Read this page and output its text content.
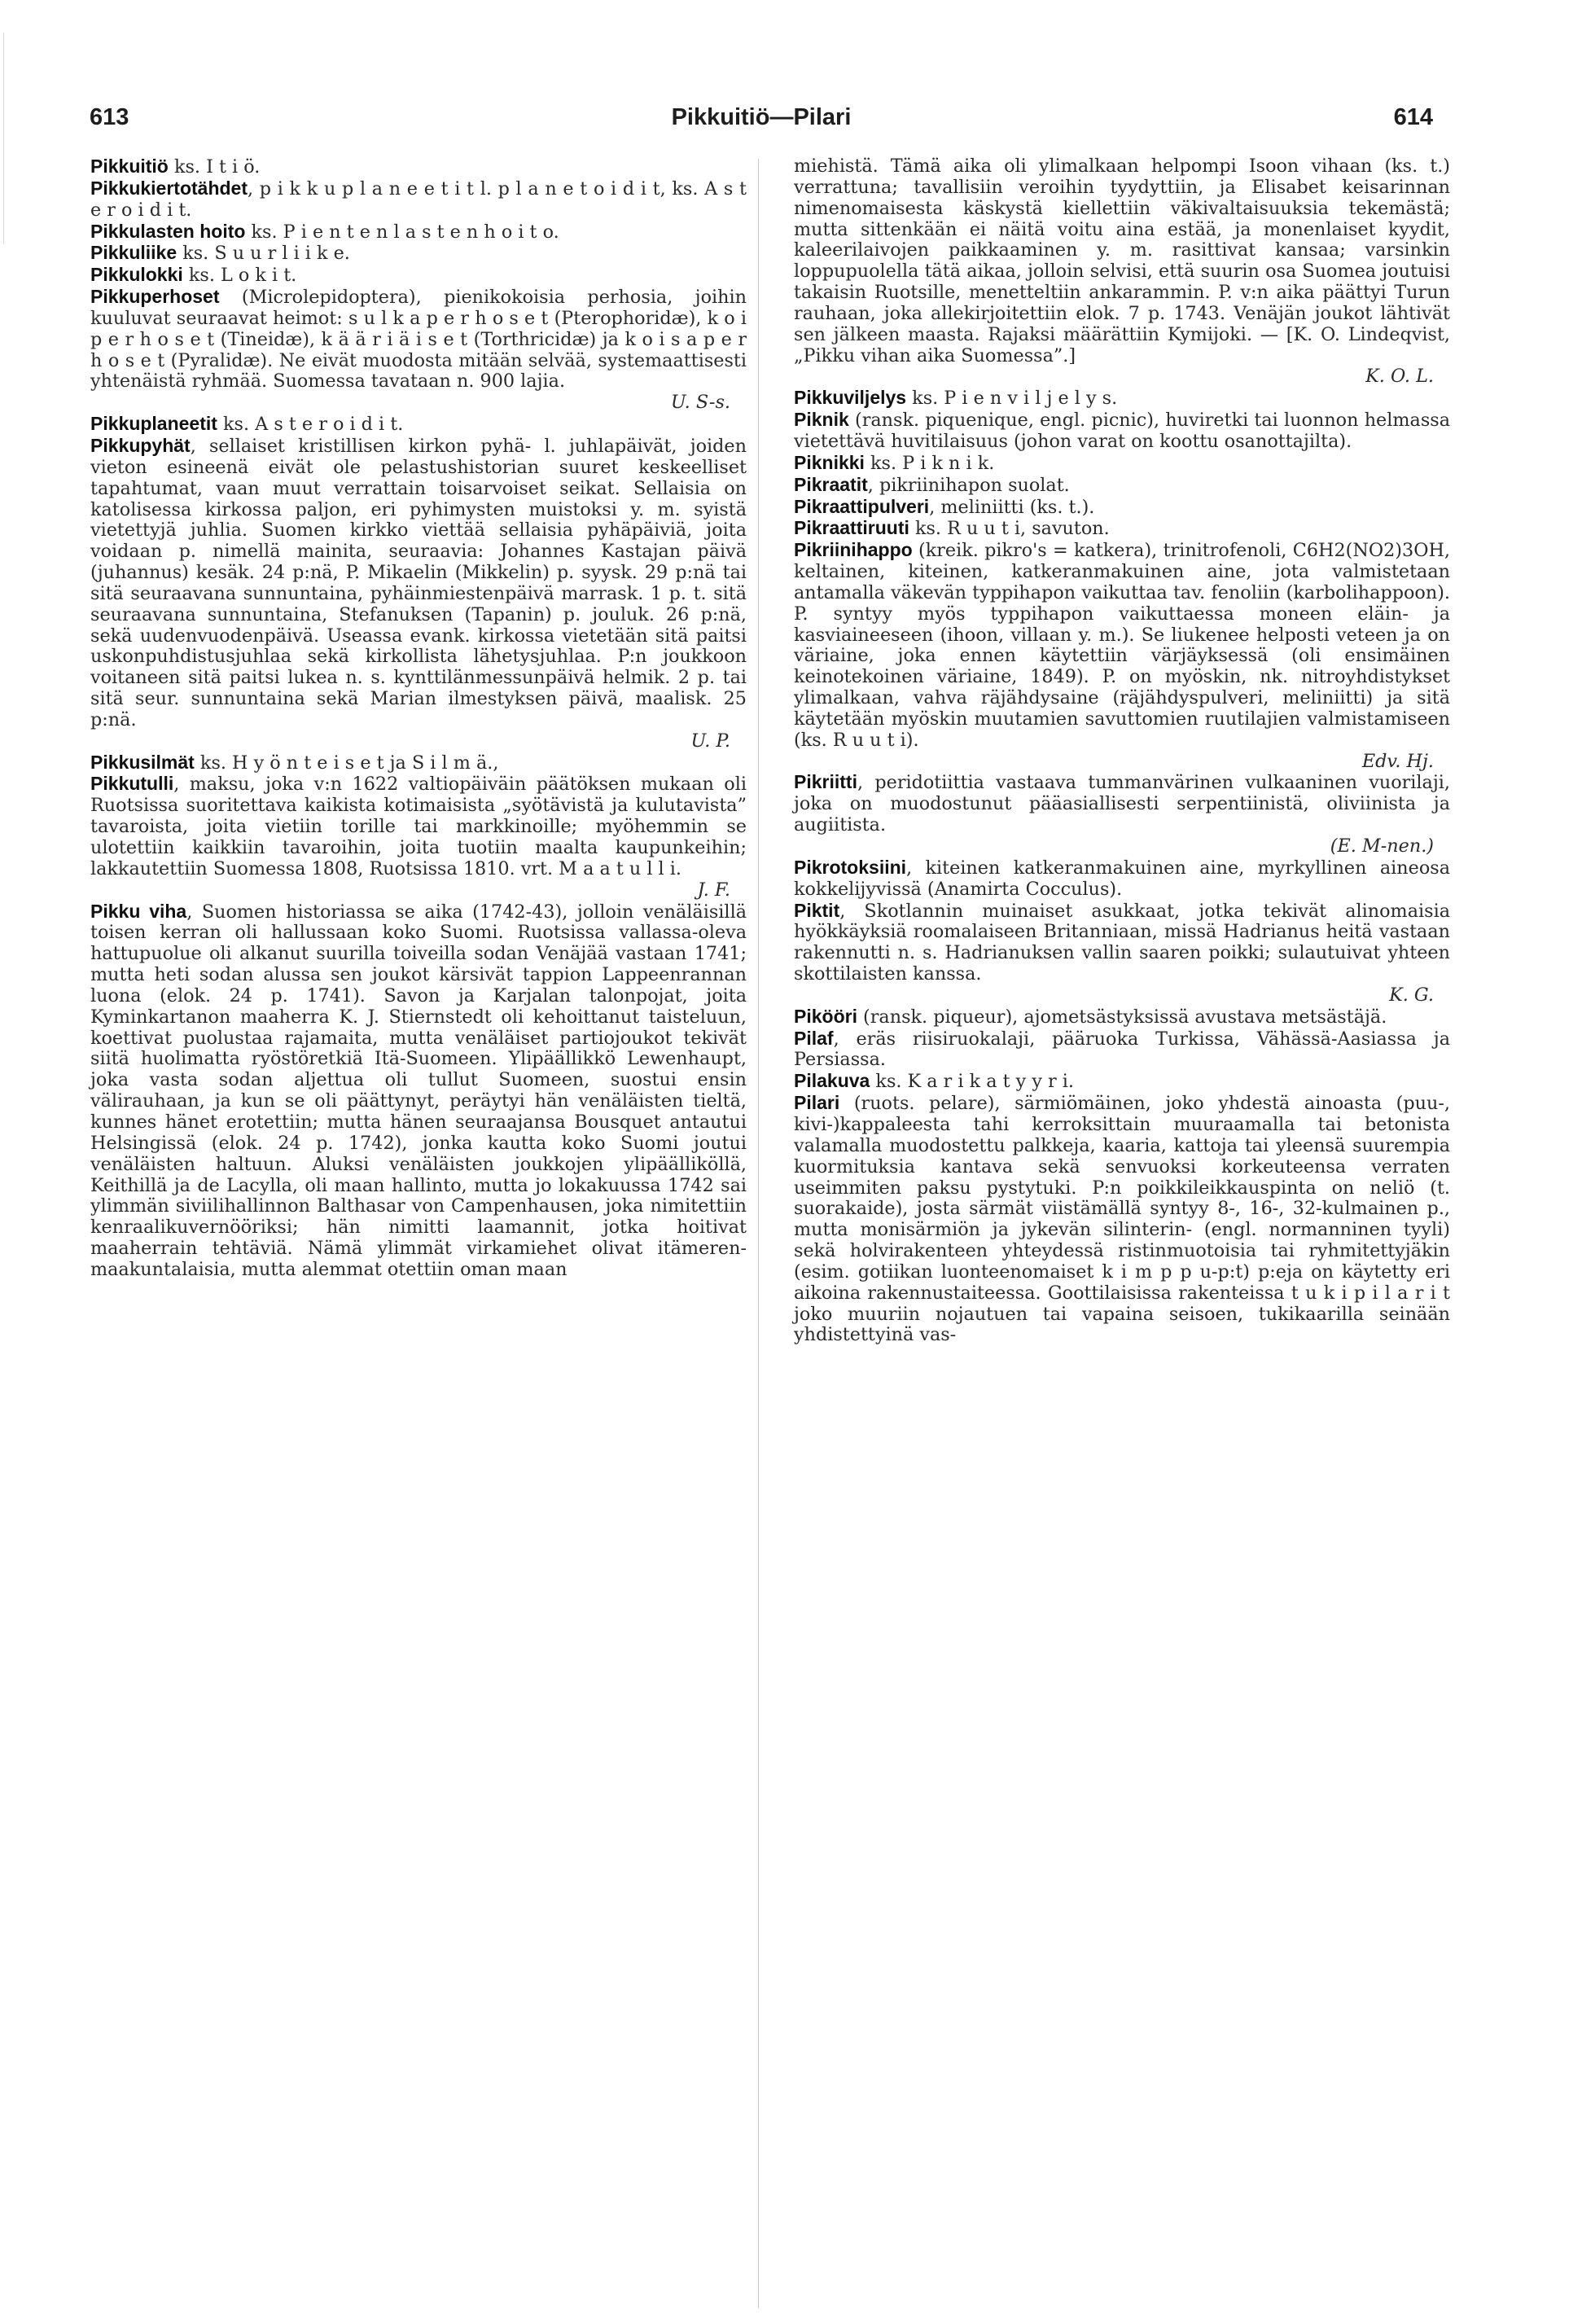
613	Pikkuitiö—Pilari	614

Pikkuitiö ks. I t i ö.

Pikkukiertotähdet, p i k k u p l a n e e t i t l. p l a n e t o i d i t, ks. A s t e r o i d i t.

Pikkulasten hoito ks. P i e n t e n l a s t e n h o i t o.

Pikkuliike ks. S u u r l i i k e.

Pikkulokki ks. L o k i t.

Pikkuperhoset (Microlepidoptera), pienikokoisia perhosia, joihin kuuluvat seuraavat heimot: s u l k a p e r h o s e t (Pterophoridæ), k o i p e r h o s e t (Tineidæ), k ä ä r i ä i s e t (Torthricidæ) ja k o i s a p e r h o s e t (Pyralidæ). Ne eivät muodosta mitään selvää, systemaattisesti yhtenäistä ryhmää. Suomessa tavataan n. 900 lajia.

U. S-s.

Pikkuplaneetit ks. A s t e r o i d i t.

Pikkupyhät, sellaiset kristillisen kirkon pyhä- l. juhlapäivät, joiden vieton esineenä eivät ole pelastushistorian suuret keskeelliset tapahtumat, vaan muut verrattain toisarvoiset seikat. Sellaisia on katolisessa kirkossa paljon, eri pyhimysten muistoksi y. m. syistä vietettyjä juhlia. Suomen kirkko viettää sellaisia pyhäpäiviä, joita voidaan p. nimellä mainita, seuraavia: Johannes Kastajan päivä (juhannus) kesäk. 24 p:nä, P. Mikaelin (Mikkelin) p. syysk. 29 p:nä tai sitä seuraavana sunnuntaina, pyhäinmiestenpäivä marrask. 1 p. t. sitä seuraavana sunnuntaina, Stefanuksen (Tapanin) p. jouluk. 26 p:nä, sekä uudenvuodenpäivä. Useassa evank. kirkossa vietetään sitä paitsi uskonpuhdistusjuhlaa sekä kirkollista lähetysjuhlaa. P:n joukkoon voitaneen sitä paitsi lukea n. s. kynttilänmessunpäivä helmik. 2 p. tai sitä seur. sunnuntaina sekä Marian ilmestyksen päivä, maalisk. 25 p:nä.

U. P.

Pikkusilmät ks. H y ö n t e i s e t ja S i l m ä.,

Pikkutulli, maksu, joka v:n 1622 valtiopäiväin päätöksen mukaan oli Ruotsissa suoritettava kaikista kotimaisista „syötävistä ja kulutavista” tavaroista, joita vietiin torille tai markkinoille; myöhemmin se ulotettiin kaikkiin tavaroihin, joita tuotiin maalta kaupunkeihin; lakkautettiin Suomessa 1808, Ruotsissa 1810. vrt. M a a t u l l i.

J. F.

Pikku viha, Suomen historiassa se aika (1742-43), jolloin venäläisillä toisen kerran oli hallussaan koko Suomi. Ruotsissa vallassa-oleva hattupuolue oli alkanut suurilla toiveilla sodan Venäjää vastaan 1741; mutta heti sodan alussa sen joukot kärsivät tappion Lappeenrannan luona (elok. 24 p. 1741). Savon ja Karjalan talonpojat, joita Kyminkartanon maaherra K. J. Stiernstedt oli kehoittanut taisteluun, koettivat puolustaa rajamaita, mutta venäläiset partiojoukot tekivät siitä huolimatta ryöstöretkiä Itä-Suomeen. Ylipäällikkö Lewenhaupt, joka vasta sodan aljettua oli tullut Suomeen, suostui ensin välirauhaan, ja kun se oli päättynyt, peräytyi hän venäläisten tieltä, kunnes hänet erotettiin; mutta hänen seuraajansa Bousquet antautui Helsingissä (elok. 24 p. 1742), jonka kautta koko Suomi joutui venäläisten haltuun. Aluksi venäläisten joukkojen ylipäälliköllä, Keithillä ja de Lacylla, oli maan hallinto, mutta jo lokakuussa 1742 sai ylimmän siviilihallinnon Balthasar von Campenhausen, joka nimitettiin kenraalikuvernööriksi; hän nimitti laamannit, jotka hoitivat maaherrain tehtäviä. Nämä ylimmät virkamiehet olivat itämeren-maakuntalaisia, mutta alemmat otettiin oman maan

miehistä. Tämä aika oli ylimalkaan helpompi Isoon vihaan (ks. t.) verrattuna; tavallisiin veroihin tyydyttiin, ja Elisabet keisarinnan nimenomaisesta käskystä kiellettiin väkivaltaisuuksia tekemästä; mutta sittenkään ei näitä voitu aina estää, ja monenlaiset kyydit, kaleerilaivojen paikkaaminen y. m. rasittivat kansaa; varsinkin loppupuolella tätä aikaa, jolloin selvisi, että suurin osa Suomea joutuisi takaisin Ruotsille, menetteltiin ankarammin. P. v:n aika päättyi Turun rauhaan, joka allekirjoitettiin elok. 7 p. 1743. Venäjän joukot lähtivät sen jälkeen maasta. Rajaksi määrättiin Kymijoki. — [K. O. Lindeqvist, „Pikku vihan aika Suomessa”.]

K. O. L.

Pikkuviljelys ks. P i e n v i l j e l y s.

Piknik (ransk. piquenique, engl. picnic), huviretki tai luonnon helmassa vietettävä huvitilaisuus (johon varat on koottu osanottajilta).

Piknikki ks. P i k n i k.

Pikraatit, pikriinihapon suolat.

Pikraattipulveri, meliniitti (ks. t.).

Pikraattiruuti ks. R u u t i, savuton.

Pikriinihappo (kreik. pikro's = katkera), trinitrofenoli, C6H2(NO2)3OH, keltainen, kiteinen, katkeranmakuinen aine, jota valmistetaan antamalla väkevän typpihapon vaikuttaa tav. fenoliin (karbolihappoon). P. syntyy myös typpihapon vaikuttaessa moneen eläin- ja kasviaineeseen (ihoon, villaan y. m.). Se liukenee helposti veteen ja on väriaine, joka ennen käytettiin värjäyksessä (oli ensimäinen keinotekoinen väriaine, 1849). P. on myöskin, nk. nitroyhdistykset ylimalkaan, vahva räjähdysaine (räjähdyspulveri, meliniitti) ja sitä käytetään myöskin muutamien savuttomien ruutilajien valmistamiseen (ks. R u u t i).

Edv. Hj.

Pikriitti, peridotiittia vastaava tummanvärinen vulkaaninen vuorilaji, joka on muodostunut pääasiallisesti serpentiinistä, oliviinista ja augiitista.

(E. M-nen.)

Pikrotoksiini, kiteinen katkeranmakuinen aine, myrkyllinen aineosa kokkelijyvissä (Anamirta Cocculus).

Piktit, Skotlannin muinaiset asukkaat, jotka tekivät alinomaisia hyökkäyksiä roomalaiseen Britanniaan, missä Hadrianus heitä vastaan rakennutti n. s. Hadrianuksen vallin saaren poikki; sulautuivat yhteen skottilaisten kanssa.

K. G.

Pikööri (ransk. piqueur), ajometsästyksissä avustava metsästäjä.

Pilaf, eräs riisiruokalaji, pääruoka Turkissa, Vähässä-Aasiassa ja Persiassa.

Pilakuva ks. K a r i k a t y y r i.

Pilari (ruots. pelare), särmiömäinen, joko yhdestä ainoasta (puu-, kivi-)kappaleesta tahi kerroksittain muuraamalla tai betonista valamalla muodostettu palkkeja, kaaria, kattoja tai yleensä suurempia kuormituksia kantava sekä senvuoksi korkeuteensa verraten useimmiten paksu pystytuki. P:n poikkileikkauspinta on neliö (t. suorakaide), josta särmät viistämällä syntyy 8-, 16-, 32-kulmainen p., mutta monisärmiön ja jykevän silinterin- (engl. normanninen tyyli) sekä holvirakenteen yhteydessä ristinmuotoisia tai ryhmitettyjäkin (esim. gotiikan luonteenomaiset k i m p p u-p:t) p:eja on käytetty eri aikoina rakennustaiteessa. Goottilaisissa rakenteissa t u k i p i l a r i t joko muuriin nojautuen tai vapaina seisoen, tukikaarilla seinään yhdistettyinä vas-
